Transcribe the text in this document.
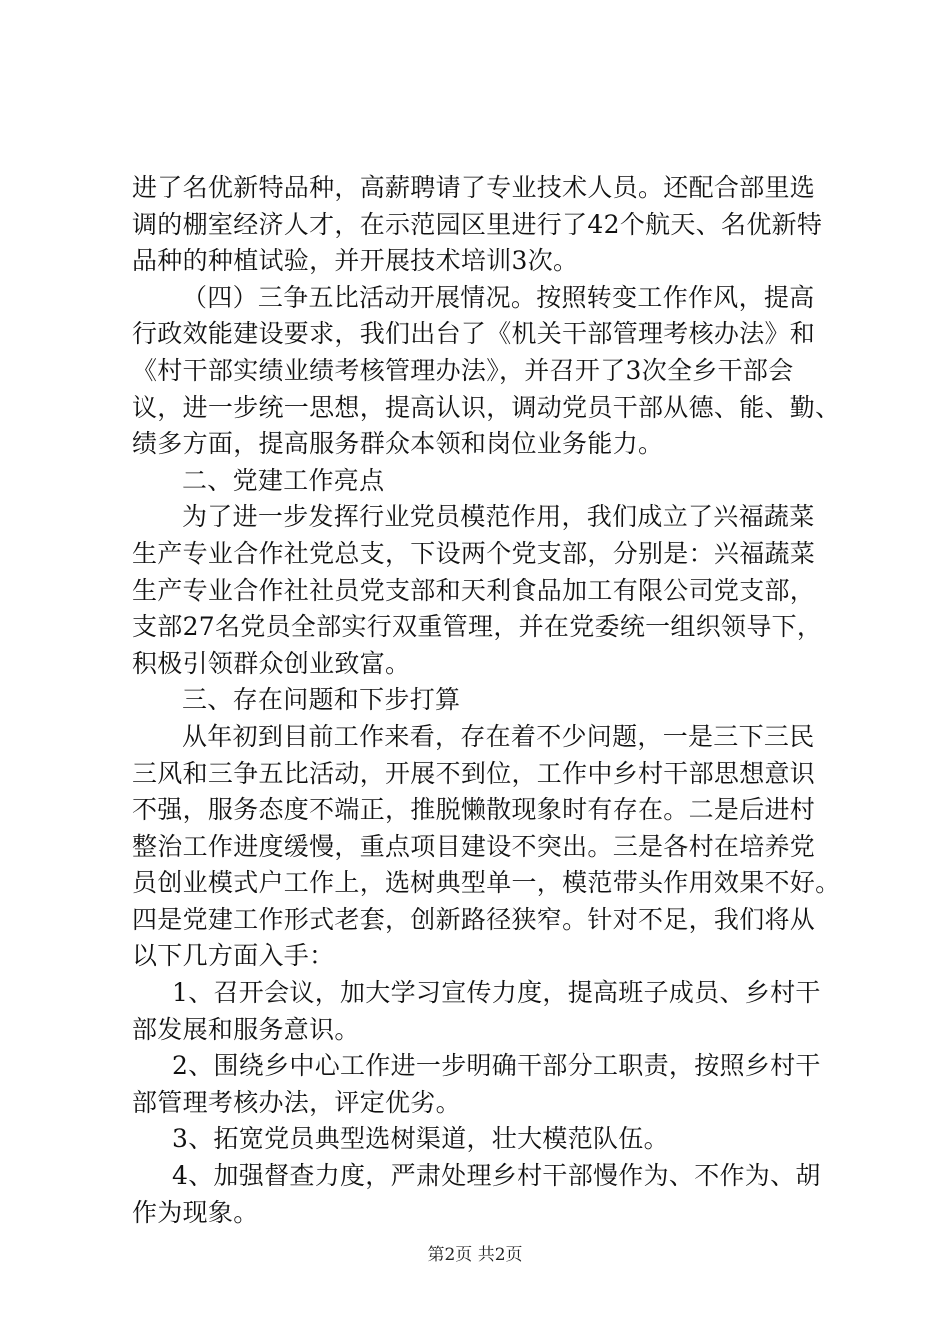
进了名优新特品种，高薪聘请了专业技术人员。还配合部里选
调的棚室经济人才，在示范园区里进行了42个航天、名优新特
品种的种植试验，并开展技术培训3次。
（四）三争五比活动开展情况。按照转变工作作风，提高
行政效能建设要求，我们出台了《机关干部管理考核办法》和
《村干部实绩业绩考核管理办法》，并召开了3次全乡干部会
议，进一步统一思想，提高认识，调动党员干部从德、能、勤、
绩多方面，提高服务群众本领和岗位业务能力。
二、党建工作亮点
为了进一步发挥行业党员模范作用，我们成立了兴福蔬菜
生产专业合作社党总支，下设两个党支部，分别是：兴福蔬菜
生产专业合作社社员党支部和天利食品加工有限公司党支部，
支部27名党员全部实行双重管理，并在党委统一组织领导下，
积极引领群众创业致富。
三、存在问题和下步打算
从年初到目前工作来看，存在着不少问题，一是三下三民
三风和三争五比活动，开展不到位，工作中乡村干部思想意识
不强，服务态度不端正，推脱懒散现象时有存在。二是后进村
整治工作进度缓慢，重点项目建设不突出。三是各村在培养党
员创业模式户工作上，选树典型单一，模范带头作用效果不好。
四是党建工作形式老套，创新路径狭窄。针对不足，我们将从
以下几方面入手：
1、召开会议，加大学习宣传力度，提高班子成员、乡村干
部发展和服务意识。
2、围绕乡中心工作进一步明确干部分工职责，按照乡村干
部管理考核办法，评定优劣。
3、拓宽党员典型选树渠道，壮大模范队伍。
4、加强督查力度，严肃处理乡村干部慢作为、不作为、胡
作为现象。
第2页 共2页
